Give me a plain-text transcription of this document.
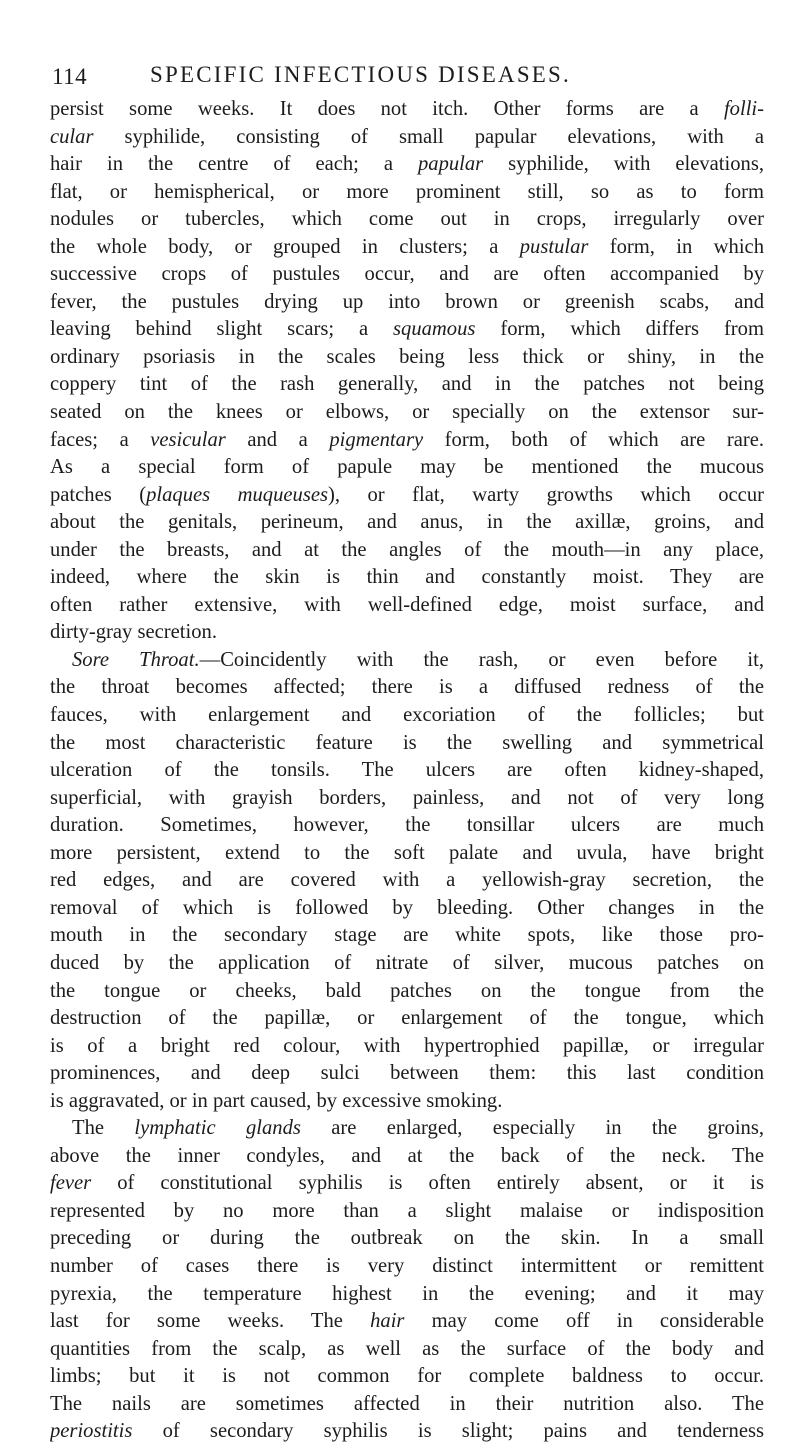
114	SPECIFIC INFECTIOUS DISEASES.
persist some weeks. It does not itch. Other forms are a folli-
cular syphilide, consisting of small papular elevations, with a
hair in the centre of each; a papular syphilide, with elevations,
flat, or hemispherical, or more prominent still, so as to form
nodules or tubercles, which come out in crops, irregularly over
the whole body, or grouped in clusters; a pustular form, in which
successive crops of pustules occur, and are often accompanied by
fever, the pustules drying up into brown or greenish scabs, and
leaving behind slight scars; a squamous form, which differs from
ordinary psoriasis in the scales being less thick or shiny, in the
coppery tint of the rash generally, and in the patches not being
seated on the knees or elbows, or specially on the extensor sur-
faces; a vesicular and a pigmentary form, both of which are rare.
As a special form of papule may be mentioned the mucous
patches (plaques muqueuses), or flat, warty growths which occur
about the genitals, perineum, and anus, in the axillæ, groins, and
under the breasts, and at the angles of the mouth—in any place,
indeed, where the skin is thin and constantly moist. They are
often rather extensive, with well-defined edge, moist surface, and
dirty-gray secretion.
Sore Throat.—Coincidently with the rash, or even before it,
the throat becomes affected; there is a diffused redness of the
fauces, with enlargement and excoriation of the follicles; but
the most characteristic feature is the swelling and symmetrical
ulceration of the tonsils. The ulcers are often kidney-shaped,
superficial, with grayish borders, painless, and not of very long
duration. Sometimes, however, the tonsillar ulcers are much
more persistent, extend to the soft palate and uvula, have bright
red edges, and are covered with a yellowish-gray secretion, the
removal of which is followed by bleeding. Other changes in the
mouth in the secondary stage are white spots, like those pro-
duced by the application of nitrate of silver, mucous patches on
the tongue or cheeks, bald patches on the tongue from the
destruction of the papillæ, or enlargement of the tongue, which
is of a bright red colour, with hypertrophied papillæ, or irregular
prominences, and deep sulci between them: this last condition
is aggravated, or in part caused, by excessive smoking.
The lymphatic glands are enlarged, especially in the groins,
above the inner condyles, and at the back of the neck. The
fever of constitutional syphilis is often entirely absent, or it is
represented by no more than a slight malaise or indisposition
preceding or during the outbreak on the skin. In a small
number of cases there is very distinct intermittent or remittent
pyrexia, the temperature highest in the evening; and it may
last for some weeks. The hair may come off in considerable
quantities from the scalp, as well as the surface of the body and
limbs; but it is not common for complete baldness to occur.
The nails are sometimes affected in their nutrition also. The
periostitis of secondary syphilis is slight; pains and tenderness
